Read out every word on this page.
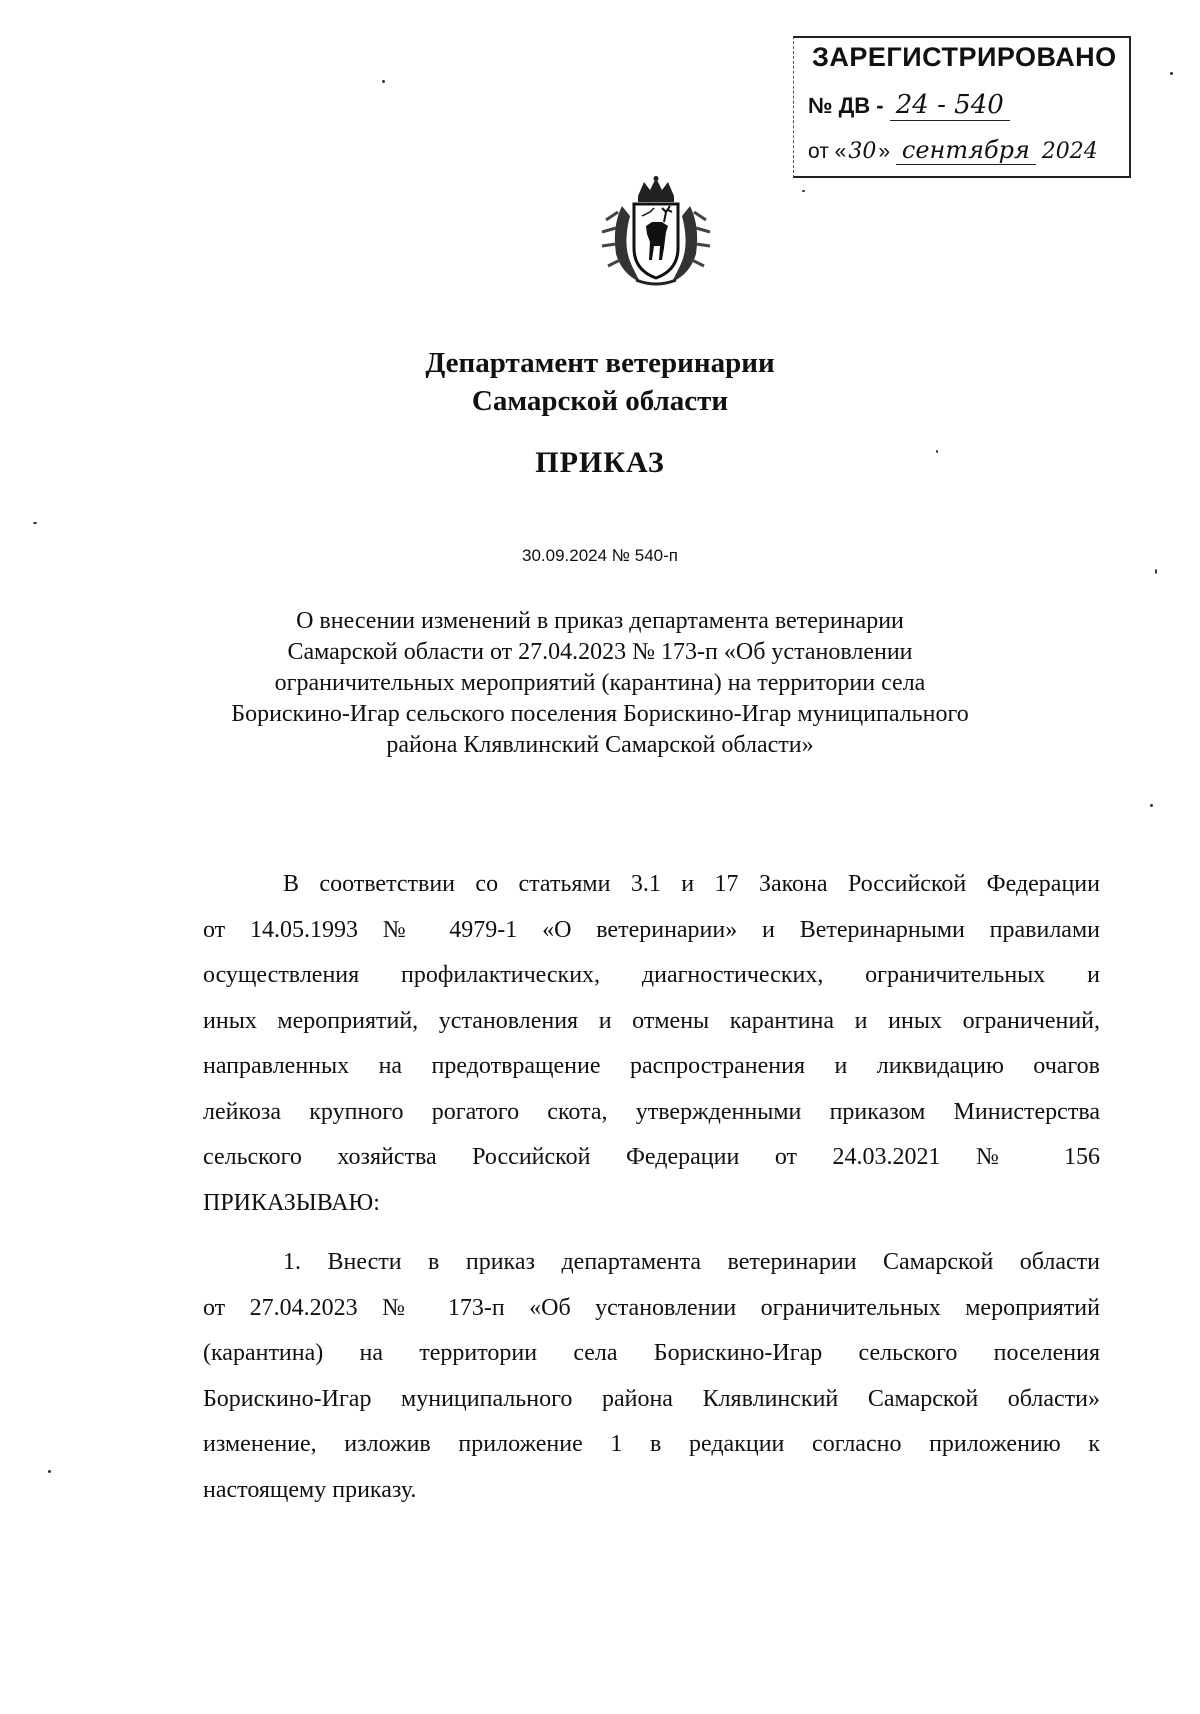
ЗАРЕГИСТРИРОВАНО
№ ДВ - 24 - 540
от «30» сентября 2024
Департамент ветеринарии
Самарской области
ПРИКАЗ
30.09.2024 № 540-п
О внесении изменений в приказ департамента ветеринарии
Самарской области от 27.04.2023 № 173-п «Об установлении
ограничительных мероприятий (карантина) на территории села
Борискино-Игар сельского поселения Борискино-Игар муниципального
района Клявлинский Самарской области»
В соответствии со статьями 3.1 и 17 Закона Российской Федерации
от 14.05.1993 № 4979-1 «О ветеринарии» и Ветеринарными правилами
осуществления профилактических, диагностических, ограничительных и
иных мероприятий, установления и отмены карантина и иных ограничений,
направленных на предотвращение распространения и ликвидацию очагов
лейкоза крупного рогатого скота, утвержденными приказом Министерства
сельского хозяйства Российской Федерации от 24.03.2021 № 156
ПРИКАЗЫВАЮ:
1. Внести в приказ департамента ветеринарии Самарской области
от 27.04.2023 № 173-п «Об установлении ограничительных мероприятий
(карантина) на территории села Борискино-Игар сельского поселения
Борискино-Игар муниципального района Клявлинский Самарской области»
изменение, изложив приложение 1 в редакции согласно приложению к
настоящему приказу.
